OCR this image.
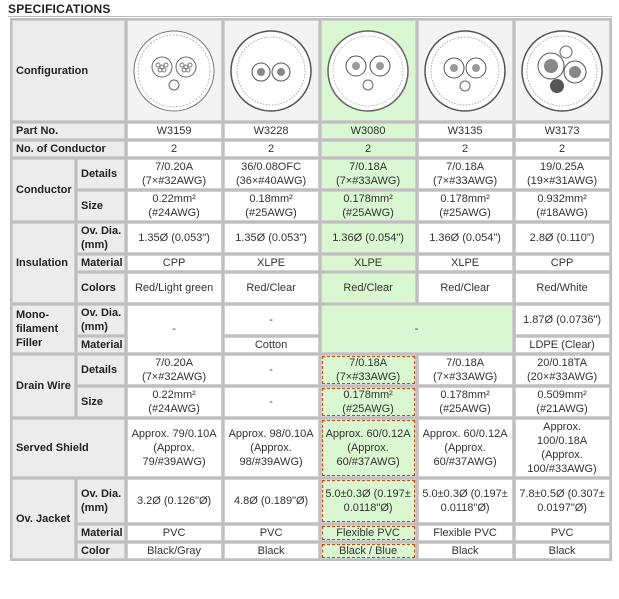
SPECIFICATIONS
Configuration	

Part No.		W3159	W3228	W3080	W3135	W3173
No. of Conductor		2	2	2	2	2
Conductor	Details	7/0.20A (7×#32AWG)	36/0.08OFC (36×#40AWG)	7/0.18A (7×#33AWG)	7/0.18A (7×#33AWG)	19/0.25A (19×#31AWG)
	Size	0.22mm² (#24AWG)	0.18mm² (#25AWG)	0.178mm² (#25AWG)	0.178mm² (#25AWG)	0.932mm² (#18AWG)
Insulation	Ov. Dia. (mm)	1.35Ø (0.053")	1.35Ø (0.053")	1.36Ø (0.054")	1.36Ø (0.054")	2.8Ø (0.110")
	Material	CPP	XLPE	XLPE	XLPE	CPP
	Colors	Red/Light green	Red/Clear	Red/Clear	Red/Clear	Red/White
Mono-filament Filler	Ov. Dia. (mm)	-	-	-		1.87Ø (0.0736")
	Material		Cotton			LDPE (Clear)
Drain Wire	Details	7/0.20A (7×#32AWG)	-	7/0.18A (7×#33AWG)	7/0.18A (7×#33AWG)	20/0.18TA (20×#33AWG)
	Size	0.22mm² (#24AWG)	-	0.178mm² (#25AWG)	0.178mm² (#25AWG)	0.509mm² (#21AWG)
Served Shield		Approx. 79/0.10A (Approx. 79/#39AWG)	Approx. 98/0.10A (Approx. 98/#39AWG)	Approx. 60/0.12A (Approx. 60/#37AWG)	Approx. 60/0.12A (Approx. 60/#37AWG)	Approx. 100/0.18A (Approx. 100/#33AWG)
Ov. Jacket	Ov. Dia. (mm)	3.2Ø (0.126"Ø)	4.8Ø (0.189"Ø)	5.0±0.3Ø (0.197± 0.0118"Ø)	5.0±0.3Ø (0.197± 0.0118"Ø)	7.8±0.5Ø (0.307± 0.0197"Ø)
	Material	PVC	PVC	Flexible PVC	Flexible PVC	PVC
	Color	Black/Gray	Black	Black / Blue	Black	Black
